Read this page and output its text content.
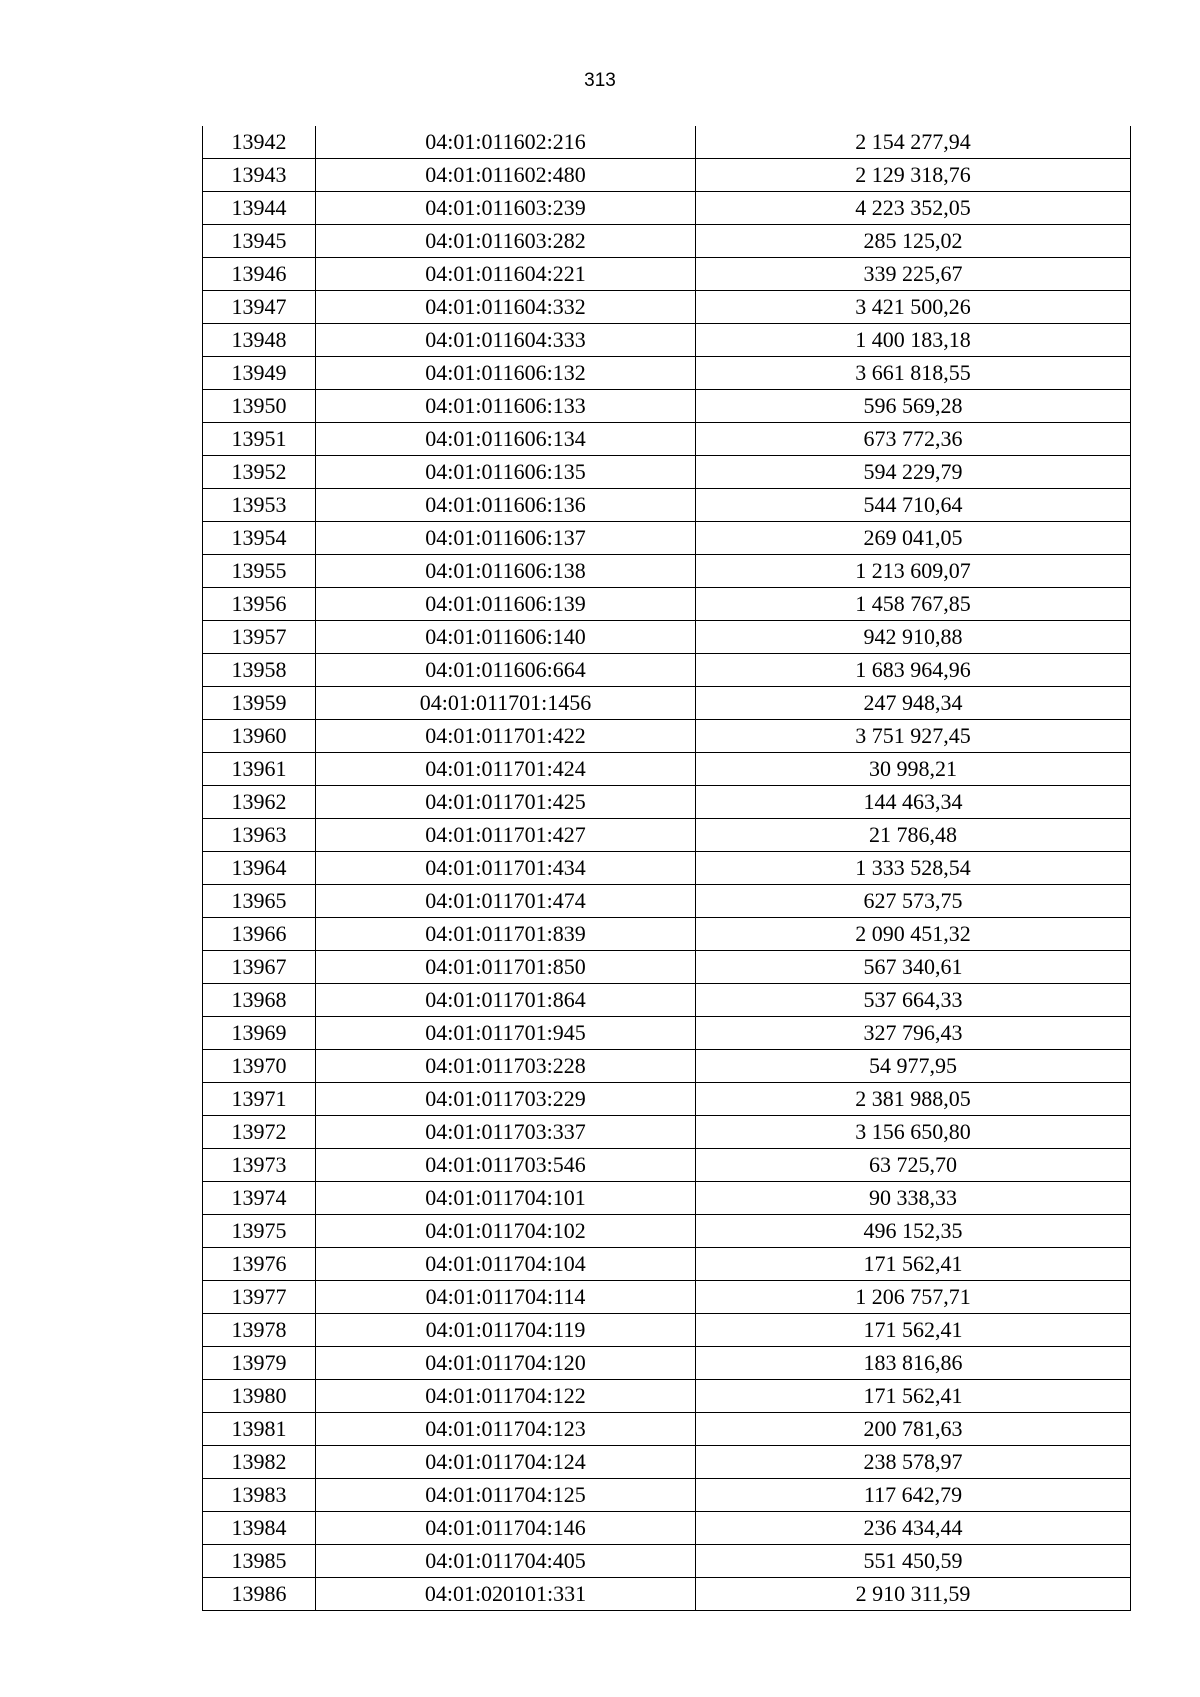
313
13942	04:01:011602:216	2 154 277,94
13943	04:01:011602:480	2 129 318,76
13944	04:01:011603:239	4 223 352,05
13945	04:01:011603:282	285 125,02
13946	04:01:011604:221	339 225,67
13947	04:01:011604:332	3 421 500,26
13948	04:01:011604:333	1 400 183,18
13949	04:01:011606:132	3 661 818,55
13950	04:01:011606:133	596 569,28
13951	04:01:011606:134	673 772,36
13952	04:01:011606:135	594 229,79
13953	04:01:011606:136	544 710,64
13954	04:01:011606:137	269 041,05
13955	04:01:011606:138	1 213 609,07
13956	04:01:011606:139	1 458 767,85
13957	04:01:011606:140	942 910,88
13958	04:01:011606:664	1 683 964,96
13959	04:01:011701:1456	247 948,34
13960	04:01:011701:422	3 751 927,45
13961	04:01:011701:424	30 998,21
13962	04:01:011701:425	144 463,34
13963	04:01:011701:427	21 786,48
13964	04:01:011701:434	1 333 528,54
13965	04:01:011701:474	627 573,75
13966	04:01:011701:839	2 090 451,32
13967	04:01:011701:850	567 340,61
13968	04:01:011701:864	537 664,33
13969	04:01:011701:945	327 796,43
13970	04:01:011703:228	54 977,95
13971	04:01:011703:229	2 381 988,05
13972	04:01:011703:337	3 156 650,80
13973	04:01:011703:546	63 725,70
13974	04:01:011704:101	90 338,33
13975	04:01:011704:102	496 152,35
13976	04:01:011704:104	171 562,41
13977	04:01:011704:114	1 206 757,71
13978	04:01:011704:119	171 562,41
13979	04:01:011704:120	183 816,86
13980	04:01:011704:122	171 562,41
13981	04:01:011704:123	200 781,63
13982	04:01:011704:124	238 578,97
13983	04:01:011704:125	117 642,79
13984	04:01:011704:146	236 434,44
13985	04:01:011704:405	551 450,59
13986	04:01:020101:331	2 910 311,59
